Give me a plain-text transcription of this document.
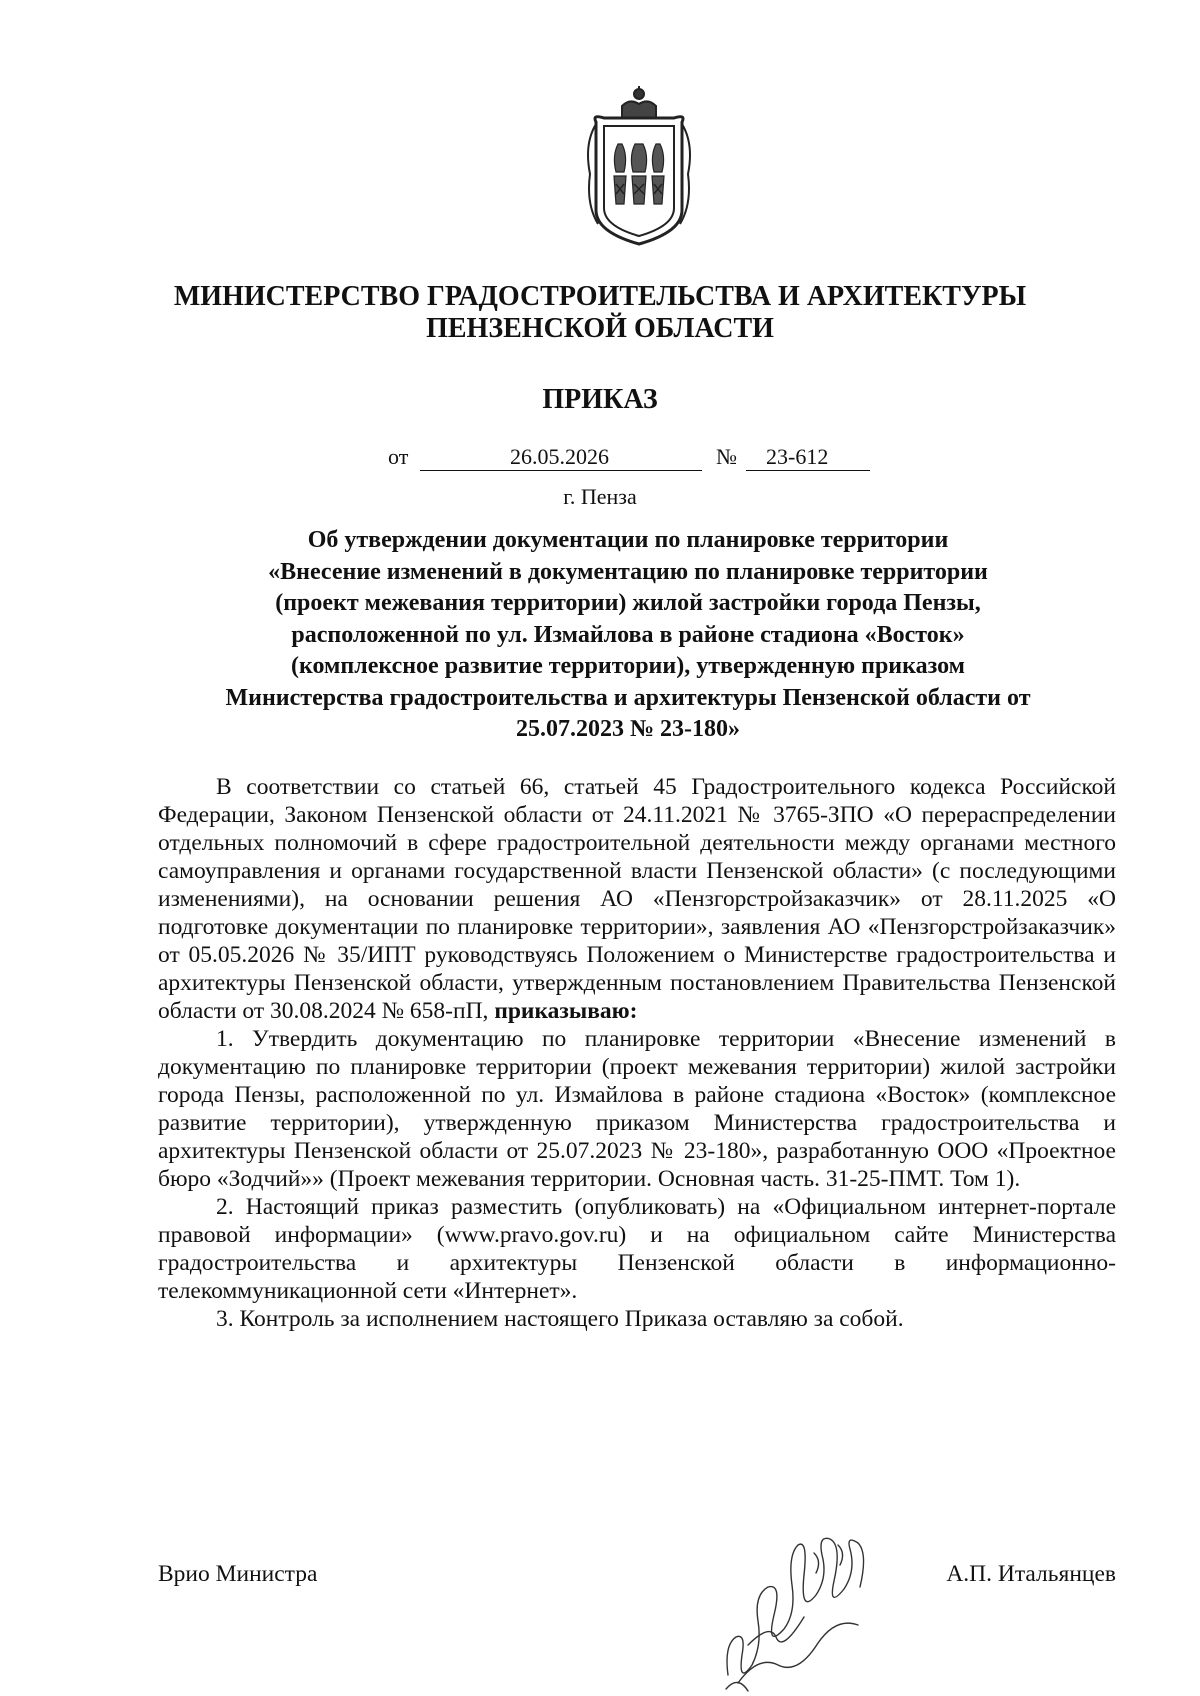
МИНИСТЕРСТВО ГРАДОСТРОИТЕЛЬСТВА И АРХИТЕКТУРЫ
ПЕНЗЕНСКОЙ ОБЛАСТИ
ПРИКАЗ
от	26.05.2026	№ 23-612
г. Пенза
Об утверждении документации по планировке территории
«Внесение изменений в документацию по планировке территории
(проект межевания территории) жилой застройки города Пензы,
расположенной по ул. Измайлова в районе стадиона «Восток»
(комплексное развитие территории), утвержденную приказом
Министерства градостроительства и архитектуры Пензенской области от
25.07.2023 № 23-180»

В соответствии со статьей 66, статьей 45 Градостроительного кодекса Российской Федерации, Законом Пензенской области от 24.11.2021 № 3765-ЗПО «О перераспределении отдельных полномочий в сфере градостроительной деятельности между органами местного самоуправления и органами государственной власти Пензенской области» (с последующими изменениями), на основании решения АО «Пензгорстройзаказчик» от 28.11.2025 «О подготовке документации по планировке территории», заявления АО «Пензгорстройзаказчик» от 05.05.2026 № 35/ИПТ руководствуясь Положением о Министерстве градостроительства и архитектуры Пензенской области, утвержденным постановлением Правительства Пензенской области от 30.08.2024 № 658-пП, приказываю:

1. Утвердить документацию по планировке территории «Внесение изменений в документацию по планировке территории (проект межевания территории) жилой застройки города Пензы, расположенной по ул. Измайлова в районе стадиона «Восток» (комплексное развитие территории), утвержденную приказом Министерства градостроительства и архитектуры Пензенской области от 25.07.2023 № 23-180», разработанную ООО «Проектное бюро «Зодчий»» (Проект межевания территории. Основная часть. 31-25-ПМТ. Том 1).

2. Настоящий приказ разместить (опубликовать) на «Официальном интернет-портале правовой информации» (www.pravo.gov.ru) и на официальном сайте Министерства градостроительства и архитектуры Пензенской области в информационно-телекоммуникационной сети «Интернет».

3. Контроль за исполнением настоящего Приказа оставляю за собой.

Врио Министра	А.П. Итальянцев
